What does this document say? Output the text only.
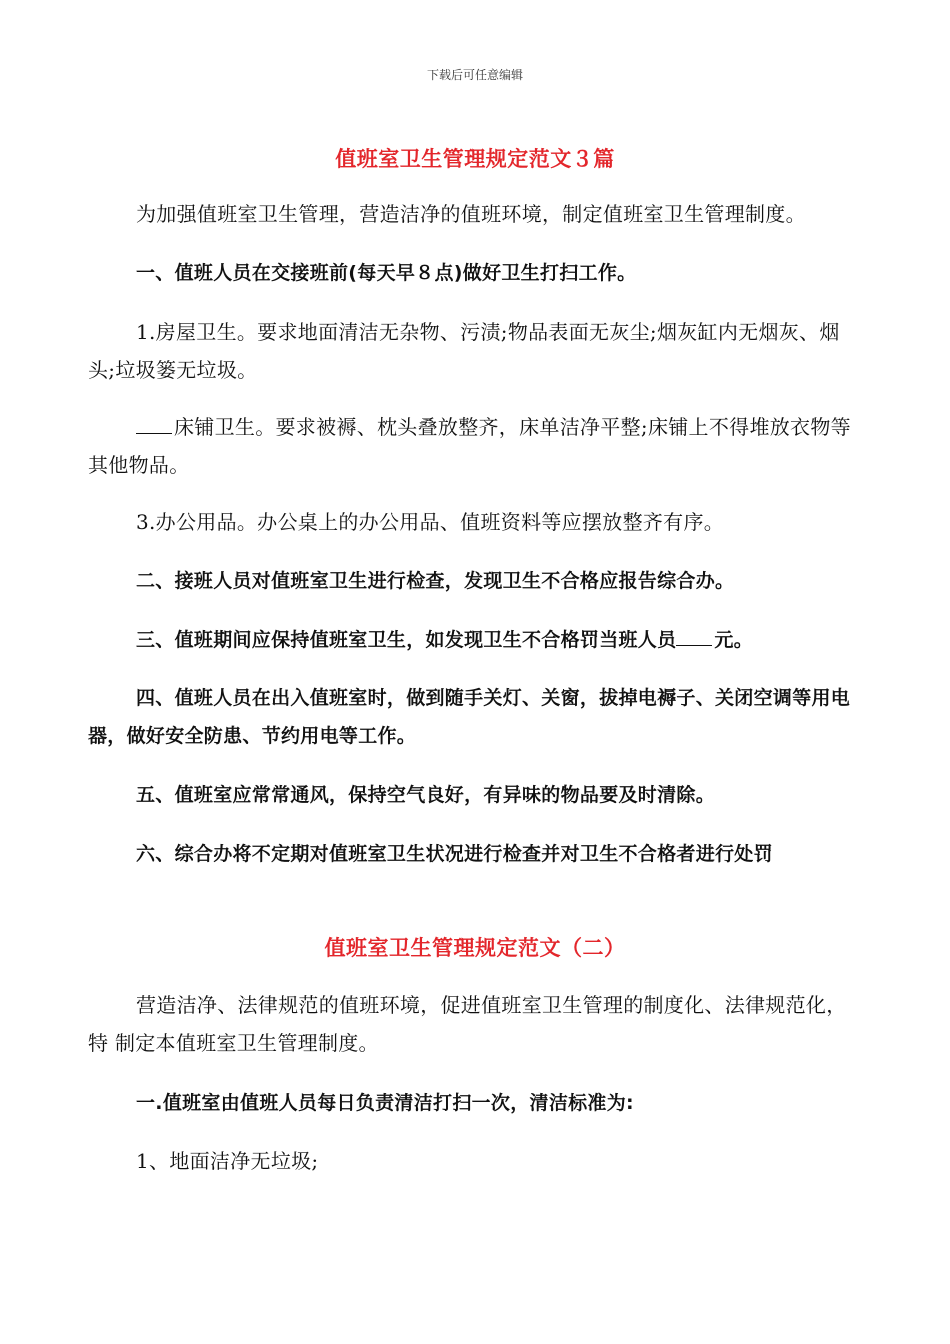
下载后可任意编辑
值班室卫生管理规定范文３篇
为加强值班室卫生管理，营造洁净的值班环境，制定值班室卫生管理制度。
一、值班人员在交接班前(每天早８点)做好卫生打扫工作。
1.房屋卫生。要求地面清洁无杂物、污渍;物品表面无灰尘;烟灰缸内无烟灰、烟头;垃圾篓无垃圾。
床铺卫生。要求被褥、枕头叠放整齐，床单洁净平整;床铺上不得堆放衣物等其他物品。
3.办公用品。办公桌上的办公用品、值班资料等应摆放整齐有序。
二、接班人员对值班室卫生进行检查，发现卫生不合格应报告综合办。
三、值班期间应保持值班室卫生，如发现卫生不合格罚当班人员 元。
四、值班人员在出入值班室时，做到随手关灯、关窗，拔掉电褥子、关闭空调等用电器，做好安全防患、节约用电等工作。
五、值班室应常常通风，保持空气良好，有异味的物品要及时清除。
六、综合办将不定期对值班室卫生状况进行检查并对卫生不合格者进行处罚
值班室卫生管理规定范文（二）
营造洁净、法律规范的值班环境，促进值班室卫生管理的制度化、法律规范化，特 制定本值班室卫生管理制度。
一.值班室由值班人员每日负责清洁打扫一次，清洁标准为:
1、地面洁净无垃圾;
